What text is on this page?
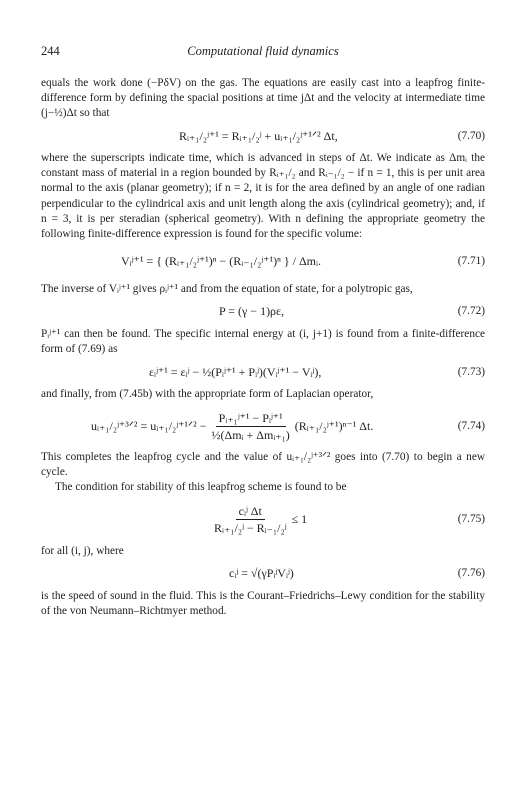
244	Computational fluid dynamics

equals the work done (−PδV) on the gas. The equations are easily cast into a leapfrog finite-difference form by defining the spacial positions at time jΔt and the velocity at intermediate time (j−½)Δt so that

Rᵢ₊₁/₂ʲ⁺¹ = Rᵢ₊₁/₂ʲ + uᵢ₊₁/₂ʲ⁺¹ᐟ² Δt,	(7.70)

where the superscripts indicate time, which is advanced in steps of Δt. We indicate as Δmᵢ the constant mass of material in a region bounded by Rᵢ₊₁/₂ and Rᵢ₋₁/₂ − if n = 1, this is per unit area normal to the axis (planar geometry); if n = 2, it is for the area defined by an angle of one radian perpendicular to the cylindrical axis and unit length along the axis (cylindrical geometry); and, if n = 3, it is per steradian (spherical geometry). With n defining the appropriate geometry the following finite-difference expression is found for the specific volume:

Vᵢʲ⁺¹ =
{ (Rᵢ₊₁/₂ʲ⁺¹)ⁿ − (Rᵢ₋₁/₂ʲ⁺¹)ⁿ } / Δmᵢ.	(7.71)

The inverse of Vᵢʲ⁺¹ gives ρᵢʲ⁺¹ and from the equation of state, for a polytropic gas,

P = (γ − 1)ρε,	(7.72)

Pᵢʲ⁺¹ can then be found. The specific internal energy at (i, j+1) is found from a finite-difference form of (7.69) as

εᵢʲ⁺¹ = εᵢʲ − ½(Pᵢʲ⁺¹ + Pᵢʲ)(Vᵢʲ⁺¹ − Vᵢʲ),	(7.73)

and finally, from (7.45b) with the appropriate form of Laplacian operator,

uᵢ₊₁/₂ʲ⁺³ᐟ² = uᵢ₊₁/₂ʲ⁺¹ᐟ² − $\frac{\text{Pᵢ₊₁ʲ⁺¹ − Pᵢʲ⁺¹}}{\text{½(Δmᵢ + Δmᵢ₊₁)}}$ (Rᵢ₊₁/₂ʲ⁺¹)ⁿ⁻¹ Δt.	(7.74)

This completes the leapfrog cycle and the value of uᵢ₊₁/₂ʲ⁺³ᐟ² goes into (7.70) to begin a new cycle.

The condition for stability of this leapfrog scheme is found to be

$\frac{\text{cᵢʲ Δt}}{\text{Rᵢ₊₁/₂ʲ − Rᵢ₋₁/₂ʲ}} \le 1$	(7.75)

for all (i, j), where

cᵢʲ = √(γPᵢʲVᵢʲ)	(7.76)

is the speed of sound in the fluid. This is the Courant–Friedrichs–Lewy condition for the stability of the von Neumann–Richtmyer method.
